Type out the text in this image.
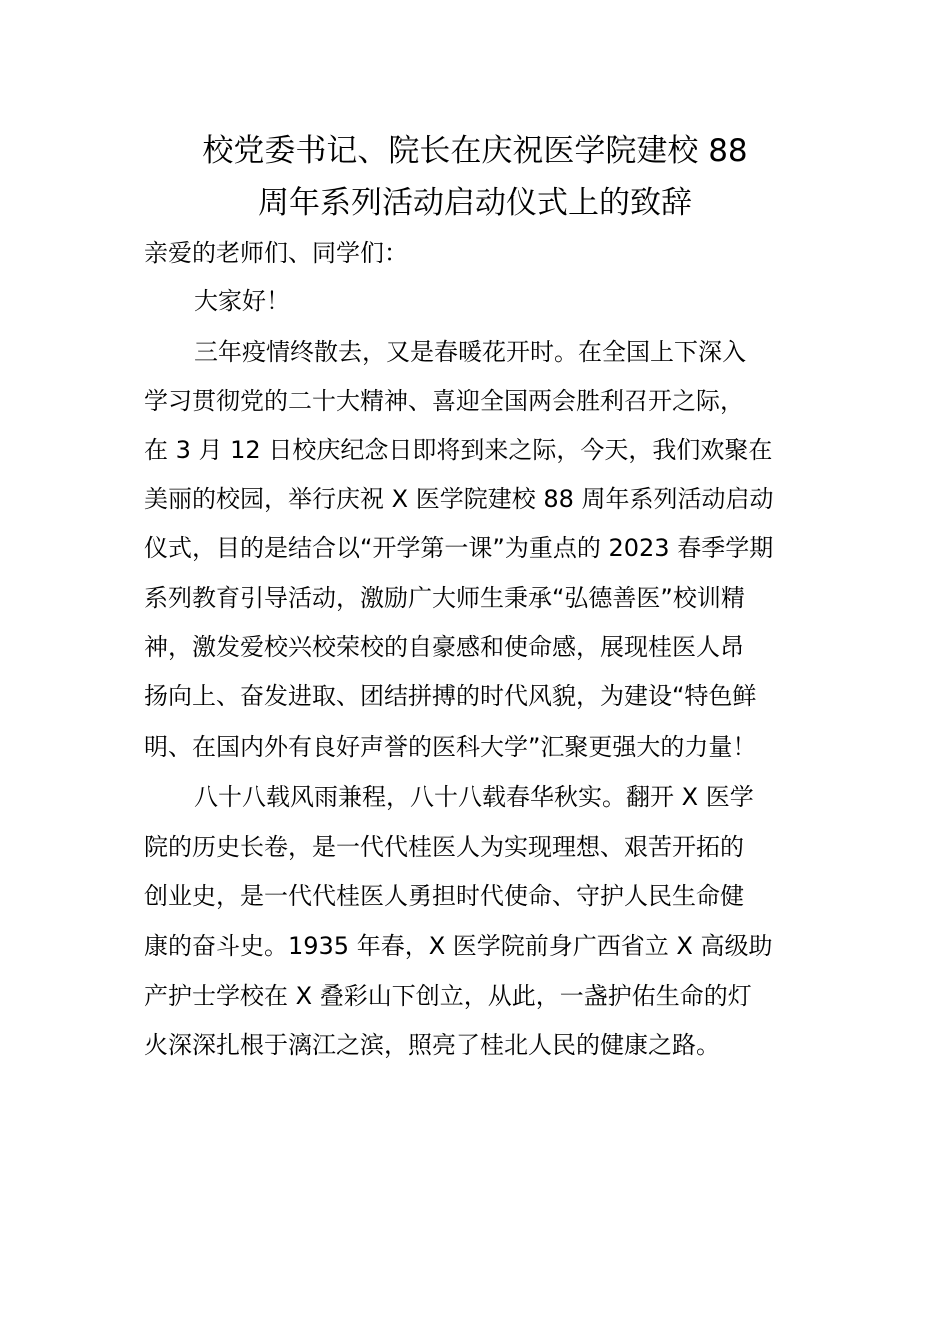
校党委书记、院长在庆祝医学院建校 88
周年系列活动启动仪式上的致辞

亲爱的老师们、同学们：

大家好！

三年疫情终散去，又是春暖花开时。在全国上下深入

学习贯彻党的二十大精神、喜迎全国两会胜利召开之际，

在 3 月 12 日校庆纪念日即将到来之际，今天，我们欢聚在

美丽的校园，举行庆祝 X 医学院建校 88 周年系列活动启动

仪式，目的是结合以“开学第一课”为重点的 2023 春季学期

系列教育引导活动，激励广大师生秉承“弘德善医”校训精

神，激发爱校兴校荣校的自豪感和使命感，展现桂医人昂

扬向上、奋发进取、团结拼搏的时代风貌，为建设“特色鲜

明、在国内外有良好声誉的医科大学”汇聚更强大的力量！

八十八载风雨兼程，八十八载春华秋实。翻开 X 医学

院的历史长卷，是一代代桂医人为实现理想、艰苦开拓的

创业史，是一代代桂医人勇担时代使命、守护人民生命健

康的奋斗史。1935 年春，X 医学院前身广西省立 X 高级助

产护士学校在 X 叠彩山下创立，从此，一盏护佑生命的灯

火深深扎根于漓江之滨，照亮了桂北人民的健康之路。
